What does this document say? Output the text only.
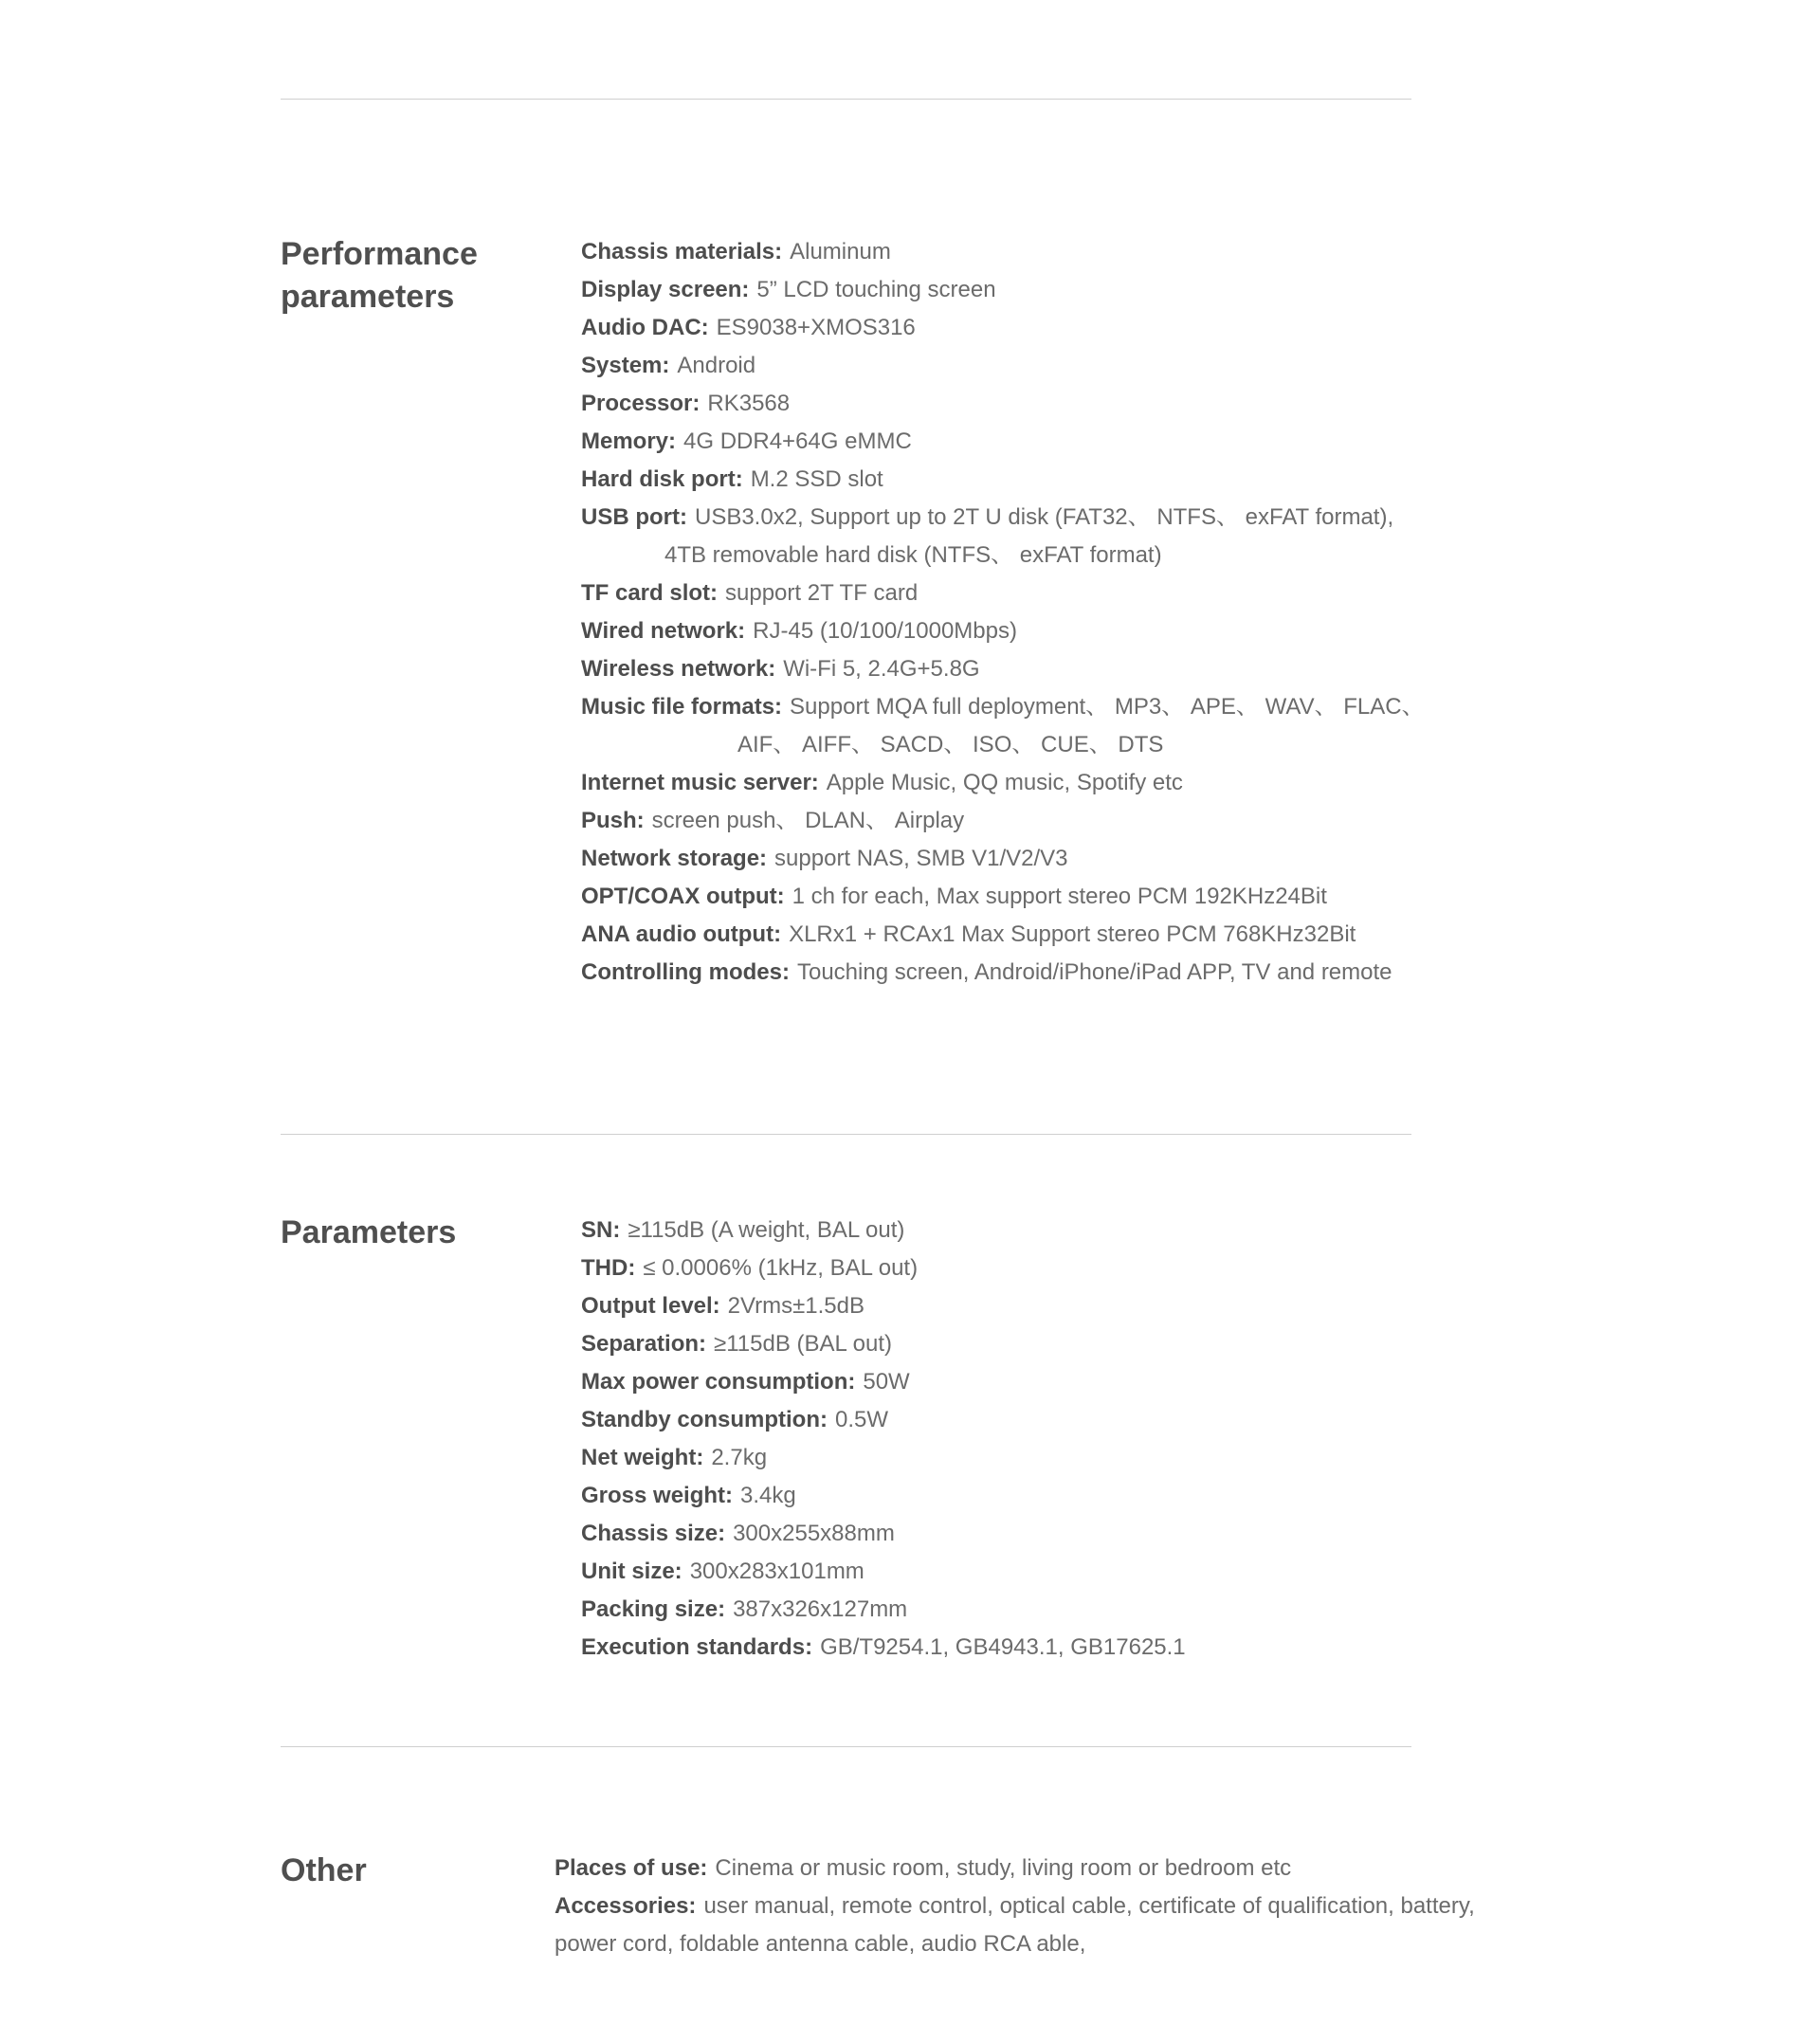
Performance parameters

Chassis materials: Aluminum

Display screen: 5” LCD touching screen

Audio DAC: ES9038+XMOS316

System: Android

Processor: RK3568

Memory: 4G DDR4+64G eMMC

Hard disk port: M.2 SSD slot

USB port: USB3.0x2, Support up to 2T U disk (FAT32、 NTFS、 exFAT format),

4TB removable hard disk (NTFS、 exFAT format)

TF card slot: support 2T TF card

Wired network: RJ-45 (10/100/1000Mbps)

Wireless network: Wi-Fi 5, 2.4G+5.8G

Music file formats: Support MQA full deployment、 MP3、 APE、 WAV、 FLAC、

AIF、 AIFF、 SACD、 ISO、 CUE、 DTS

Internet music server: Apple Music, QQ music, Spotify etc

Push: screen push、 DLAN、 Airplay

Network storage: support NAS, SMB V1/V2/V3

OPT/COAX output: 1 ch for each, Max support stereo PCM 192KHz24Bit

ANA audio output: XLRx1 + RCAx1 Max Support stereo PCM 768KHz32Bit

Controlling modes: Touching screen, Android/iPhone/iPad APP, TV and remote

Parameters	SN: ≥115dB (A weight, BAL out)

THD: ≤ 0.0006% (1kHz, BAL out)

Output level: 2Vrms±1.5dB

Separation: ≥115dB (BAL out)

Max power consumption: 50W

Standby consumption: 0.5W

Net weight: 2.7kg

Gross weight: 3.4kg

Chassis size: 300x255x88mm

Unit size: 300x283x101mm

Packing size: 387x326x127mm

Execution standards: GB/T9254.1, GB4943.1, GB17625.1

Other	Places of use: Cinema or music room, study, living room or bedroom etc

Accessories: user manual, remote control, optical cable, certificate of qualification, battery,

power cord, foldable antenna cable, audio RCA able,
